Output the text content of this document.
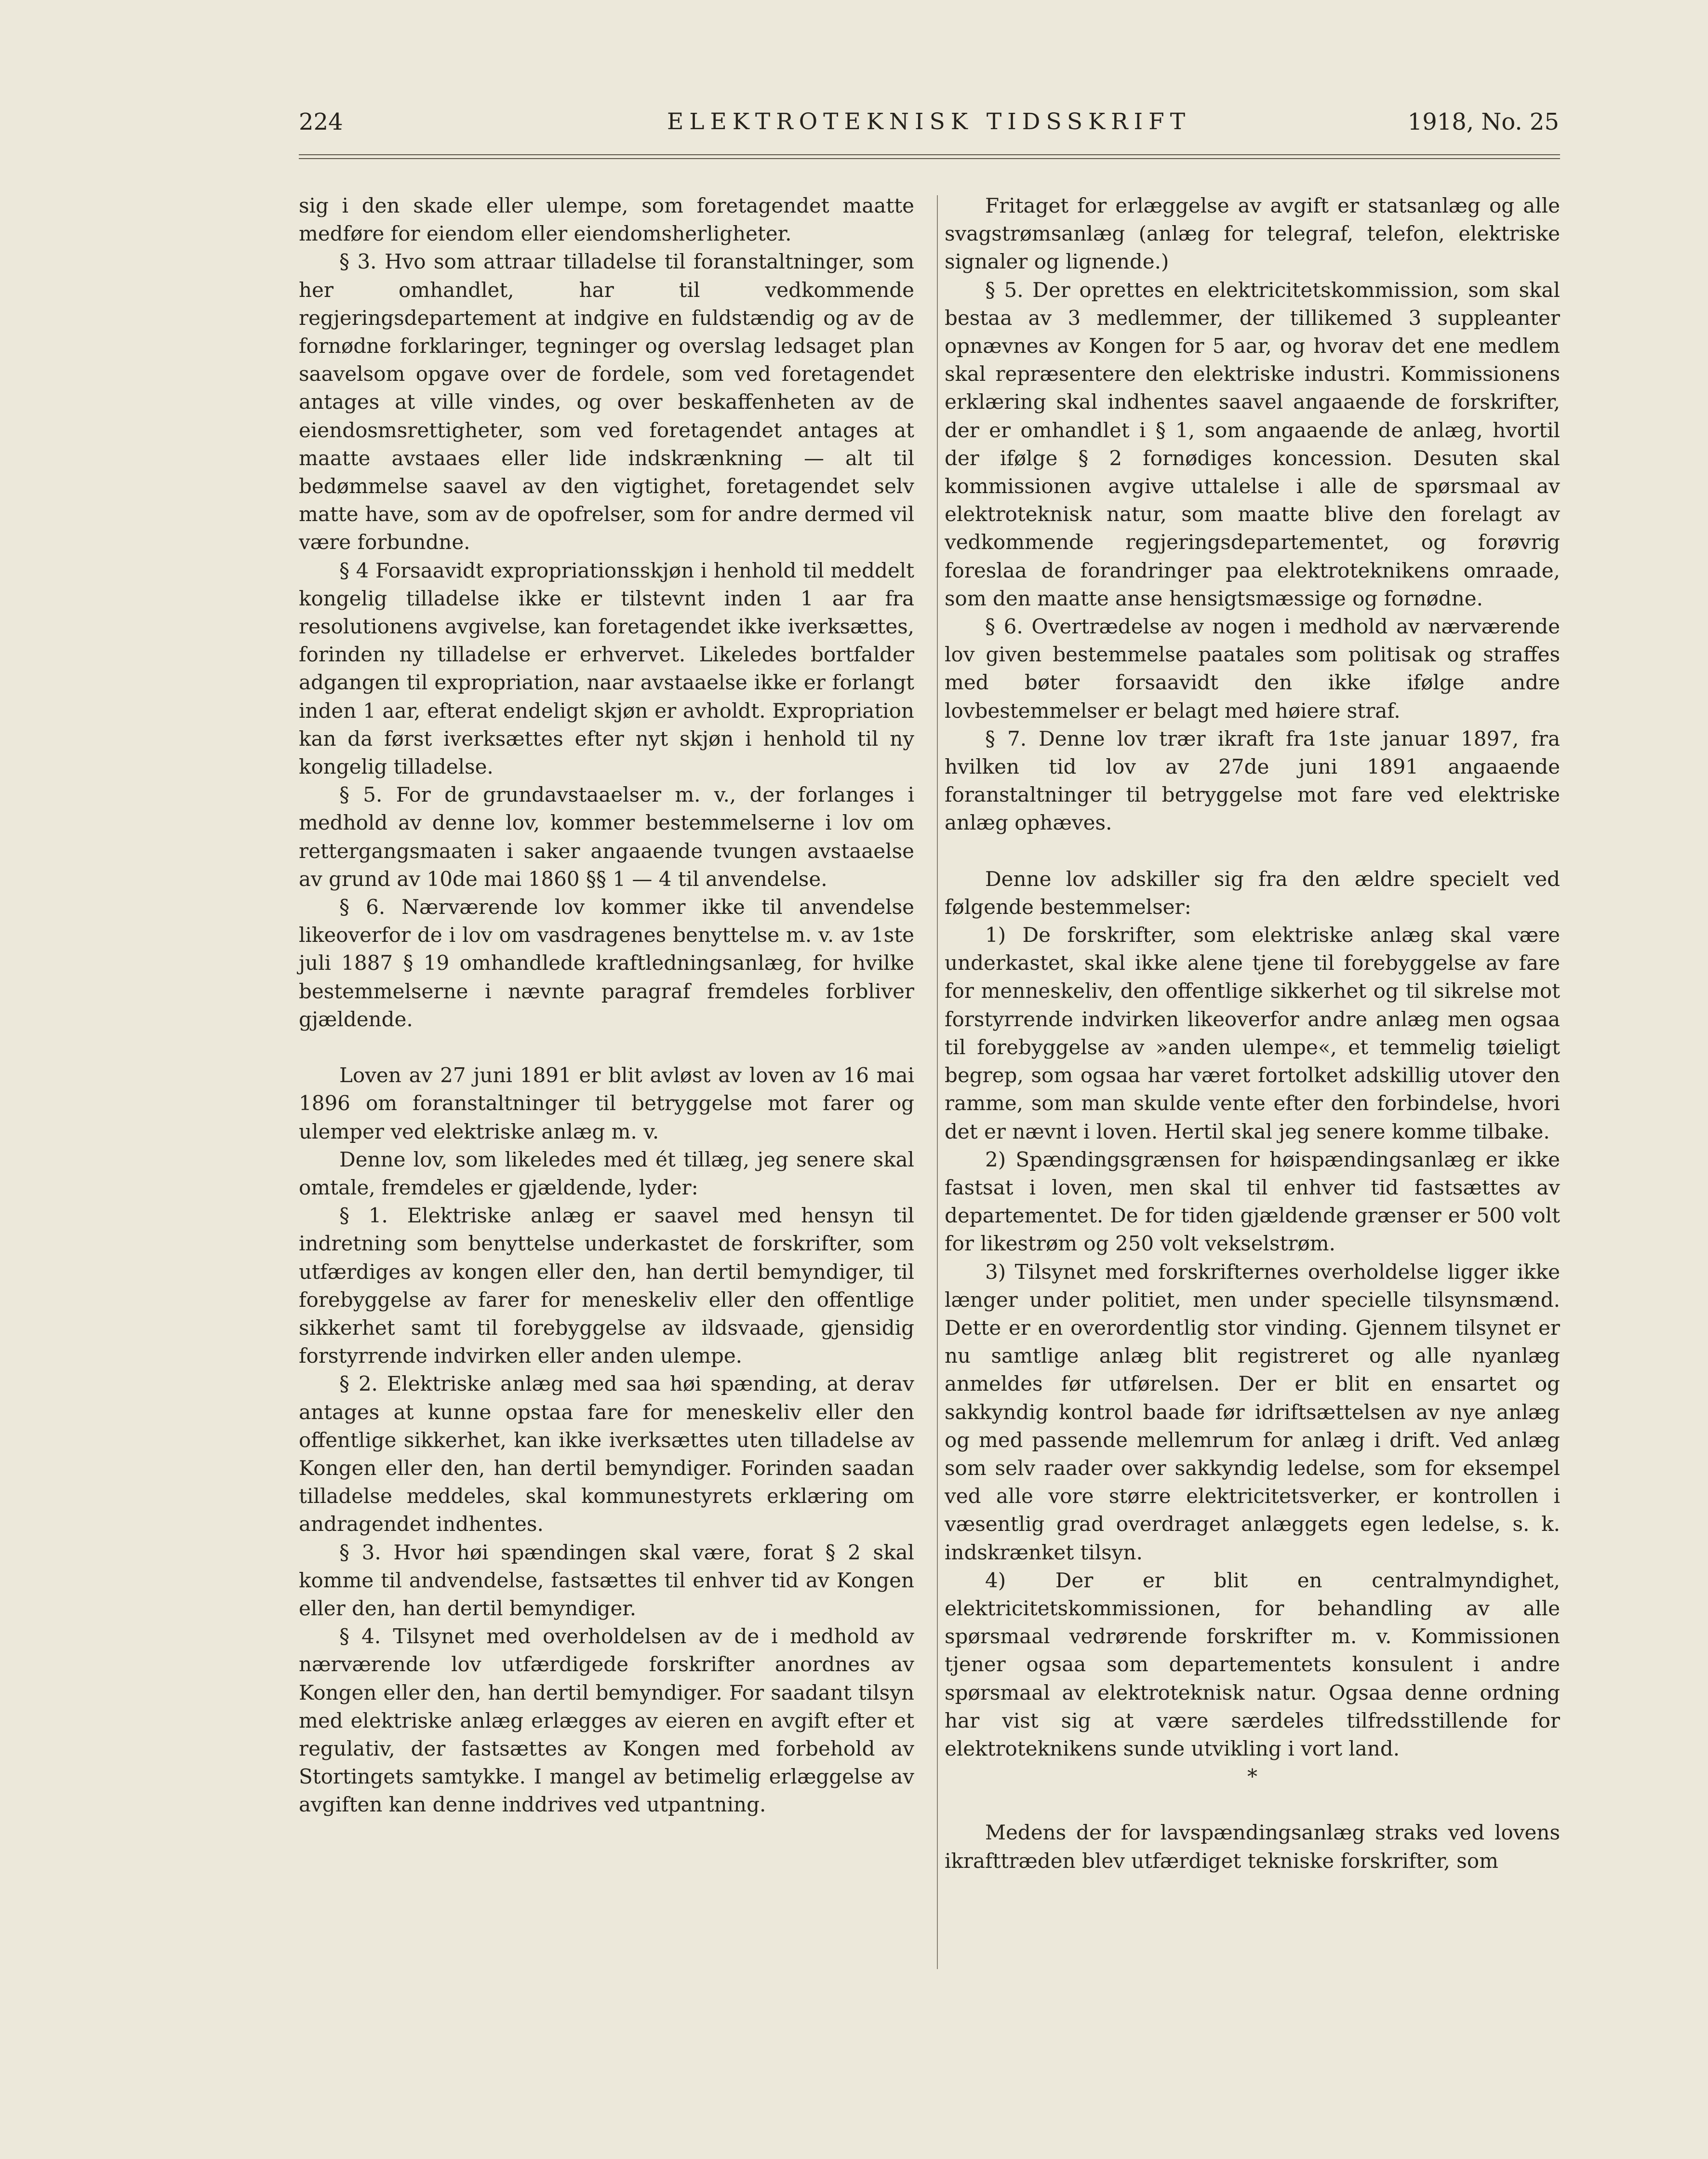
224	ELEKTROTEKNISK TIDSSKRIFT	1918, No. 25

sig i den skade eller ulempe, som foretagendet maatte medføre for eiendom eller eiendomsherligheter.

§ 3. Hvo som attraar tilladelse til foranstaltninger, som her omhandlet, har til vedkommende regjeringsdepartement at indgive en fuldstændig og av de fornødne forklaringer, tegninger og overslag ledsaget plan saavelsom opgave over de fordele, som ved foretagendet antages at ville vindes, og over beskaffenheten av de eiendosmsrettigheter, som ved foretagendet antages at maatte avstaaes eller lide indskrænkning — alt til bedømmelse saavel av den vigtighet, foretagendet selv matte have, som av de opofrelser, som for andre dermed vil være forbundne.

§ 4 Forsaavidt expropriationsskjøn i henhold til meddelt kongelig tilladelse ikke er tilstevnt inden 1 aar fra resolutionens avgivelse, kan foretagendet ikke iverksættes, forinden ny tilladelse er erhvervet. Likeledes bortfalder adgangen til expropriation, naar avstaaelse ikke er forlangt inden 1 aar, efterat endeligt skjøn er avholdt. Expropriation kan da først iverksættes efter nyt skjøn i henhold til ny kongelig tilladelse.

§ 5. For de grundavstaaelser m. v., der forlanges i medhold av denne lov, kommer bestemmelserne i lov om rettergangsmaaten i saker angaaende tvungen avstaaelse av grund av 10de mai 1860 §§ 1 — 4 til anvendelse.

§ 6. Nærværende lov kommer ikke til anvendelse likeoverfor de i lov om vasdragenes benyttelse m. v. av 1ste juli 1887 § 19 omhandlede kraftledningsanlæg, for hvilke bestemmelserne i nævnte paragraf fremdeles forbliver gjældende.

Loven av 27 juni 1891 er blit avløst av loven av 16 mai 1896 om foranstaltninger til betryggelse mot farer og ulemper ved elektriske anlæg m. v.

Denne lov, som likeledes med ét tillæg, jeg senere skal omtale, fremdeles er gjældende, lyder:

§ 1. Elektriske anlæg er saavel med hensyn til indretning som benyttelse underkastet de forskrifter, som utfærdiges av kongen eller den, han dertil bemyndiger, til forebyggelse av farer for meneskeliv eller den offentlige sikkerhet samt til forebyggelse av ildsvaade, gjensidig forstyrrende indvirken eller anden ulempe.

§ 2. Elektriske anlæg med saa høi spænding, at derav antages at kunne opstaa fare for meneskeliv eller den offentlige sikkerhet, kan ikke iverksættes uten tilladelse av Kongen eller den, han dertil bemyndiger. Forinden saadan tilladelse meddeles, skal kommunestyrets erklæring om andragendet indhentes.

§ 3. Hvor høi spændingen skal være, forat § 2 skal komme til andvendelse, fastsættes til enhver tid av Kongen eller den, han dertil bemyndiger.

§ 4. Tilsynet med overholdelsen av de i medhold av nærværende lov utfærdigede forskrifter anordnes av Kongen eller den, han dertil bemyndiger. For saadant tilsyn med elektriske anlæg erlægges av eieren en avgift efter et regulativ, der fastsættes av Kongen med forbehold av Stortingets samtykke. I mangel av betimelig erlæggelse av avgiften kan denne inddrives ved utpantning.

Fritaget for erlæggelse av avgift er statsanlæg og alle svagstrømsanlæg (anlæg for telegraf, telefon, elektriske signaler og lignende.)

§ 5. Der oprettes en elektricitetskommission, som skal bestaa av 3 medlemmer, der tillikemed 3 suppleanter opnævnes av Kongen for 5 aar, og hvorav det ene medlem skal repræsentere den elektriske industri. Kommissionens erklæring skal indhentes saavel angaaende de forskrifter, der er omhandlet i § 1, som angaaende de anlæg, hvortil der ifølge § 2 fornødiges koncession. Desuten skal kommissionen avgive uttalelse i alle de spørsmaal av elektroteknisk natur, som maatte blive den forelagt av vedkommende regjeringsdepartementet, og forøvrig foreslaa de forandringer paa elektroteknikens omraade, som den maatte anse hensigtsmæssige og fornødne.

§ 6. Overtrædelse av nogen i medhold av nærværende lov given bestemmelse paatales som politisak og straffes med bøter forsaavidt den ikke ifølge andre lovbestemmelser er belagt med høiere straf.

§ 7. Denne lov trær ikraft fra 1ste januar 1897, fra hvilken tid lov av 27de juni 1891 angaaende foranstaltninger til betryggelse mot fare ved elektriske anlæg ophæves.

Denne lov adskiller sig fra den ældre specielt ved følgende bestemmelser:

1) De forskrifter, som elektriske anlæg skal være underkastet, skal ikke alene tjene til forebyggelse av fare for menneskeliv, den offentlige sikkerhet og til sikrelse mot forstyrrende indvirken likeoverfor andre anlæg men ogsaa til forebyggelse av »anden ulempe«, et temmelig tøieligt begrep, som ogsaa har været fortolket adskillig utover den ramme, som man skulde vente efter den forbindelse, hvori det er nævnt i loven. Hertil skal jeg senere komme tilbake.

2) Spændingsgrænsen for høispændingsanlæg er ikke fastsat i loven, men skal til enhver tid fastsættes av departementet. De for tiden gjældende grænser er 500 volt for likestrøm og 250 volt vekselstrøm.

3) Tilsynet med forskrifternes overholdelse ligger ikke længer under politiet, men under specielle tilsynsmænd. Dette er en overordentlig stor vinding. Gjennem tilsynet er nu samtlige anlæg blit registreret og alle nyanlæg anmeldes før utførelsen. Der er blit en ensartet og sakkyndig kontrol baade før idriftsættelsen av nye anlæg og med passende mellemrum for anlæg i drift. Ved anlæg som selv raader over sakkyndig ledelse, som for eksempel ved alle vore større elektricitetsverker, er kontrollen i væsentlig grad overdraget anlæggets egen ledelse, s. k. indskrænket tilsyn.

4) Der er blit en centralmyndighet, elektricitetskommissionen, for behandling av alle spørsmaal vedrørende forskrifter m. v. Kommissionen tjener ogsaa som departementets konsulent i andre spørsmaal av elektroteknisk natur. Ogsaa denne ordning har vist sig at være særdeles tilfredsstillende for elektroteknikens sunde utvikling i vort land.

*

Medens der for lavspændingsanlæg straks ved lovens ikrafttræden blev utfærdiget tekniske forskrifter, som
